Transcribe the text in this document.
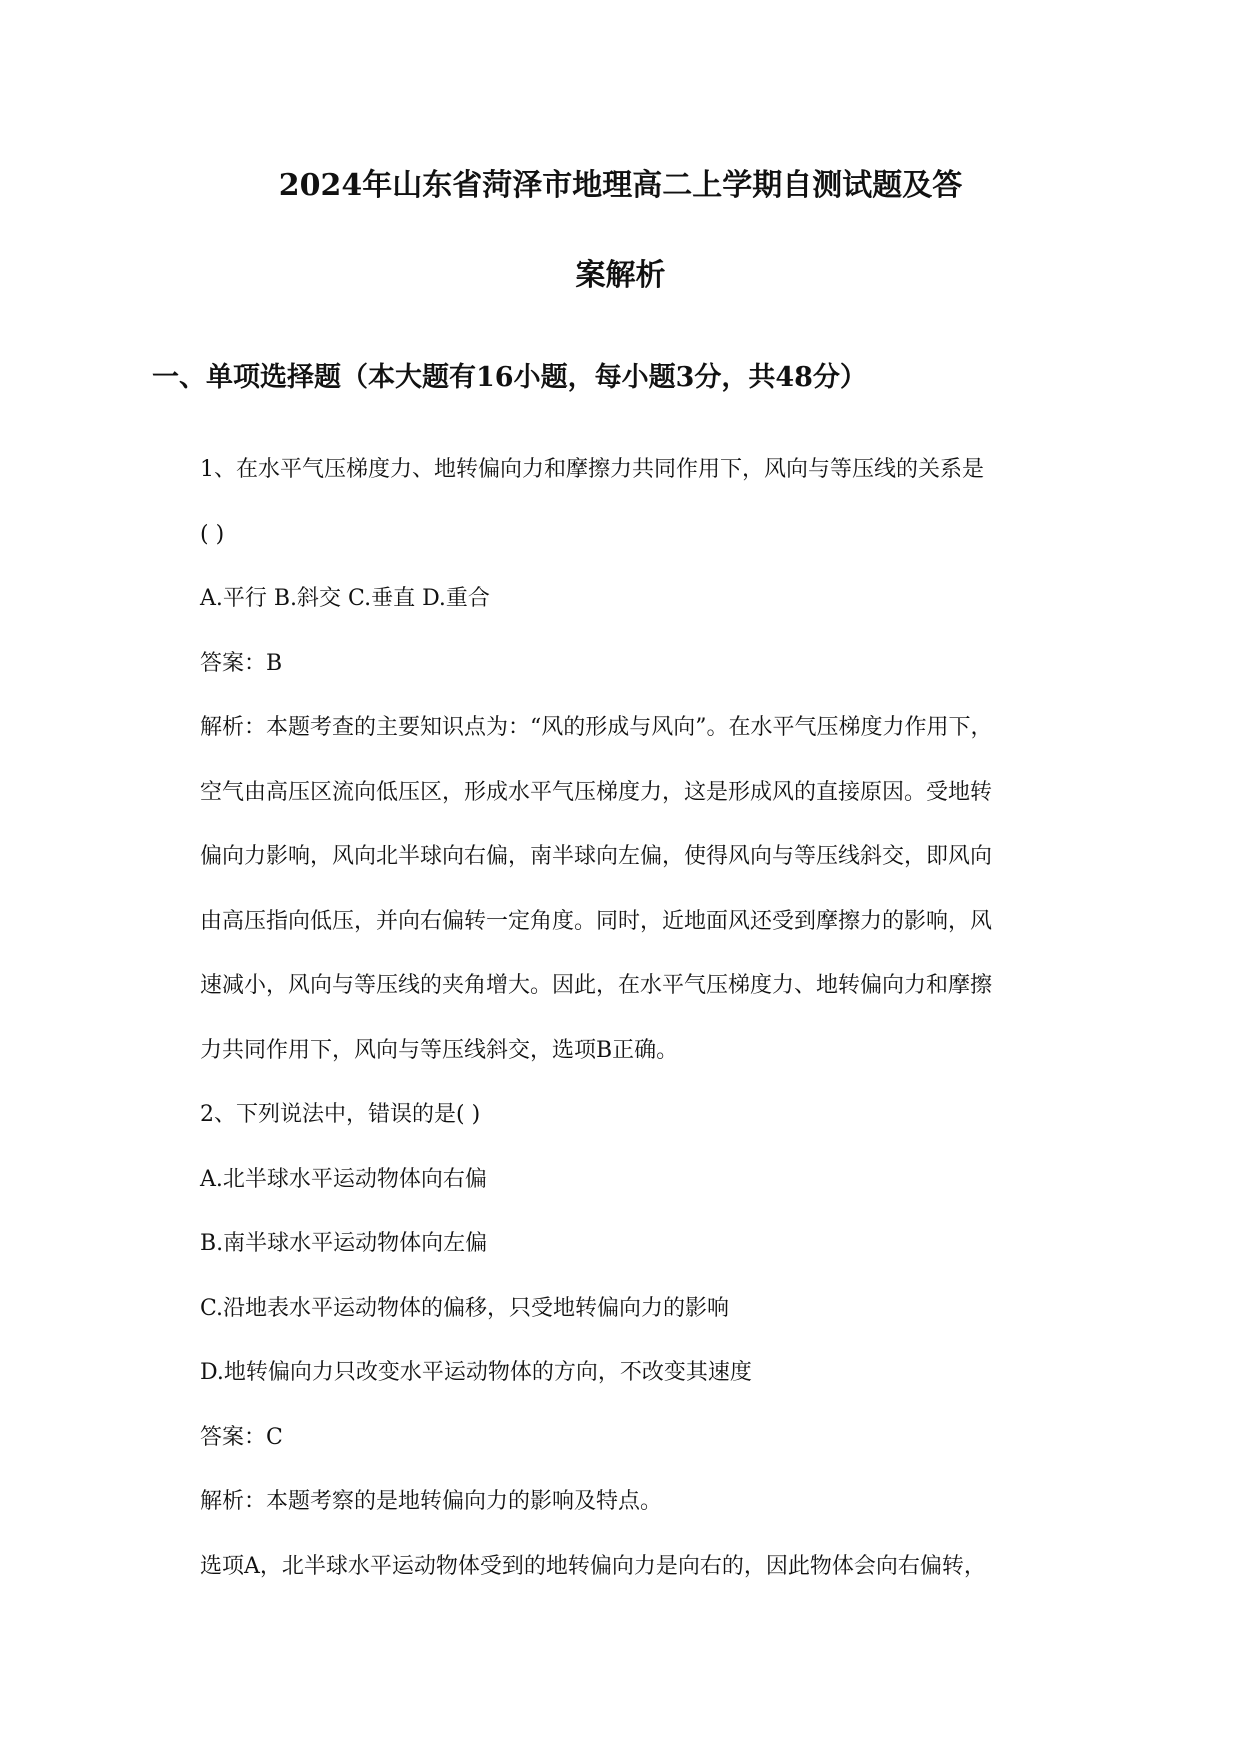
2024年山东省菏泽市地理高二上学期自测试题及答
案解析
一、单项选择题（本大题有16小题，每小题3分，共48分）
1、在水平气压梯度力、地转偏向力和摩擦力共同作用下，风向与等压线的关系是
( )
A.平行 B.斜交 C.垂直 D.重合
答案：B
解析：本题考查的主要知识点为：“风的形成与风向”。在水平气压梯度力作用下，
空气由高压区流向低压区，形成水平气压梯度力，这是形成风的直接原因。受地转
偏向力影响，风向北半球向右偏，南半球向左偏，使得风向与等压线斜交，即风向
由高压指向低压，并向右偏转一定角度。同时，近地面风还受到摩擦力的影响，风
速减小，风向与等压线的夹角增大。因此，在水平气压梯度力、地转偏向力和摩擦
力共同作用下，风向与等压线斜交，选项B正确。
2、下列说法中，错误的是( )
A.北半球水平运动物体向右偏
B.南半球水平运动物体向左偏
C.沿地表水平运动物体的偏移，只受地转偏向力的影响
D.地转偏向力只改变水平运动物体的方向，不改变其速度
答案：C
解析：本题考察的是地转偏向力的影响及特点。
选项A，北半球水平运动物体受到的地转偏向力是向右的，因此物体会向右偏转，
